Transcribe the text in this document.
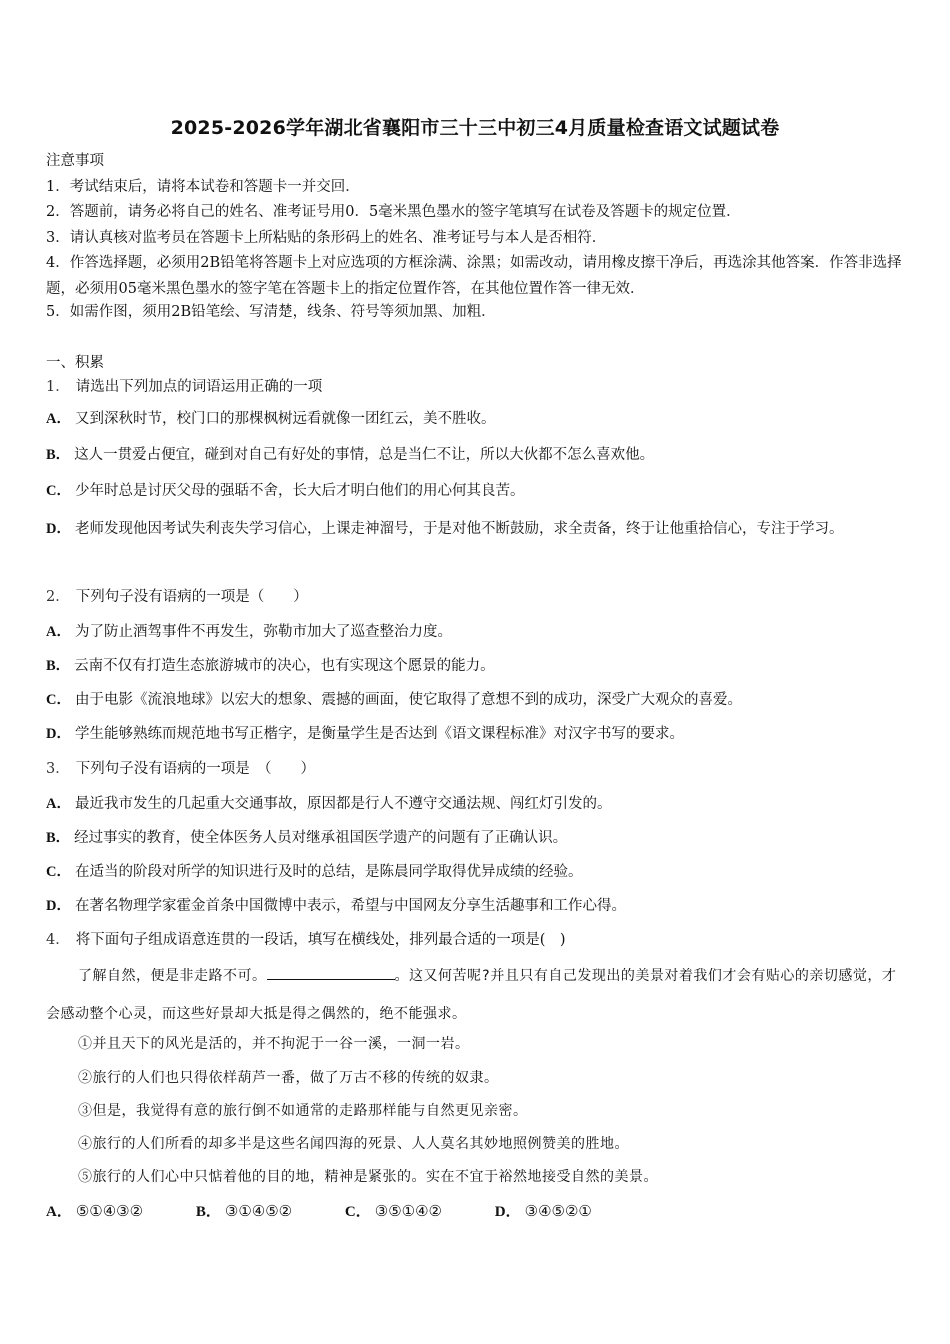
2025-2026学年湖北省襄阳市三十三中初三4月质量检查语文试题试卷
注意事项
1．考试结束后，请将本试卷和答题卡一并交回．
2．答题前，请务必将自己的姓名、准考证号用0．5毫米黑色墨水的签字笔填写在试卷及答题卡的规定位置．
3．请认真核对监考员在答题卡上所粘贴的条形码上的姓名、准考证号与本人是否相符．
4．作答选择题，必须用2B铅笔将答题卡上对应选项的方框涂满、涂黑；如需改动，请用橡皮擦干净后，再选涂其他答案．作答非选择题，必须用05毫米黑色墨水的签字笔在答题卡上的指定位置作答，在其他位置作答一律无效．
5．如需作图，须用2B铅笔绘、写清楚，线条、符号等须加黑、加粗．
一、积累
1． 请选出下列加点的词语运用正确的一项
A． 又到深秋时节，校门口的那棵枫树远看就像一团红云，美不胜收。
B． 这人一贯爱占便宜，碰到对自己有好处的事情，总是当仁不让，所以大伙都不怎么喜欢他。
C． 少年时总是讨厌父母的强聒不舍，长大后才明白他们的用心何其良苦。
D． 老师发现他因考试失利丧失学习信心，上课走神溜号，于是对他不断鼓励，求全责备，终于让他重拾信心，专注于学习。
2． 下列句子没有语病的一项是（　　）
A． 为了防止酒驾事件不再发生，弥勒市加大了巡查整治力度。
B． 云南不仅有打造生态旅游城市的决心，也有实现这个愿景的能力。
C． 由于电影《流浪地球》以宏大的想象、震撼的画面，使它取得了意想不到的成功，深受广大观众的喜爱。
D． 学生能够熟练而规范地书写正楷字，是衡量学生是否达到《语文课程标准》对汉字书写的要求。
3． 下列句子没有语病的一项是　（　　）
A． 最近我市发生的几起重大交通事故，原因都是行人不遵守交通法规、闯红灯引发的。
B． 经过事实的教育，使全体医务人员对继承祖国医学遗产的问题有了正确认识。
C． 在适当的阶段对所学的知识进行及时的总结，是陈晨同学取得优异成绩的经验。
D． 在著名物理学家霍金首条中国微博中表示，希望与中国网友分享生活趣事和工作心得。
4． 将下面句子组成语意连贯的一段话，填写在横线处，排列最合适的一项是(　)
了解自然，便是非走路不可。	。这又何苦呢?并且只有自己发现出的美景对着我们才会有贴心的亲切感觉，才会感动整个心灵，而这些好景却大抵是得之偶然的，绝不能强求。
①并且天下的风光是活的，并不拘泥于一谷一溪，一洞一岩。
②旅行的人们也只得依样葫芦一番，做了万古不移的传统的奴隶。
③但是，我觉得有意的旅行倒不如通常的走路那样能与自然更见亲密。
④旅行的人们所看的却多半是这些名闻四海的死景、人人莫名其妙地照例赞美的胜地。
⑤旅行的人们心中只惦着他的目的地，精神是紧张的。实在不宜于裕然地接受自然的美景。
A． ⑤①④③②	B． ③①④⑤②	C． ③⑤①④②	D． ③④⑤②①
